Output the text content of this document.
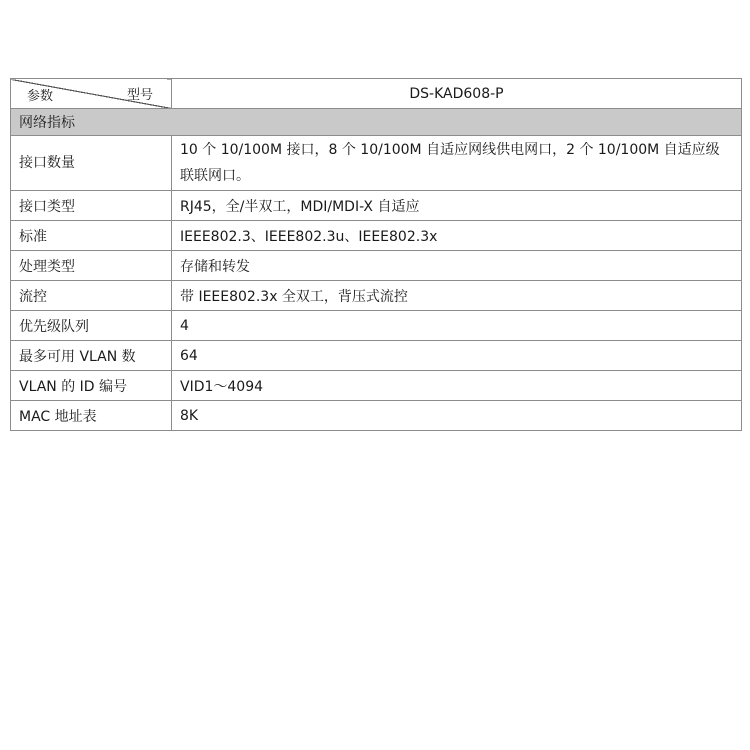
参数 型号	DS-KAD608-P
网络指标	
接口数量	10 个 10/100M 接口，8 个 10/100M 自适应网线供电网口，2 个 10/100M 自适应级联联网口。
接口类型	RJ45，全/半双工，MDI/MDI-X 自适应
标准	IEEE802.3、IEEE802.3u、IEEE802.3x
处理类型	存储和转发
流控	带 IEEE802.3x 全双工，背压式流控
优先级队列	4
最多可用 VLAN 数	64
VLAN 的 ID 编号	VID1～4094
MAC 地址表	8K
